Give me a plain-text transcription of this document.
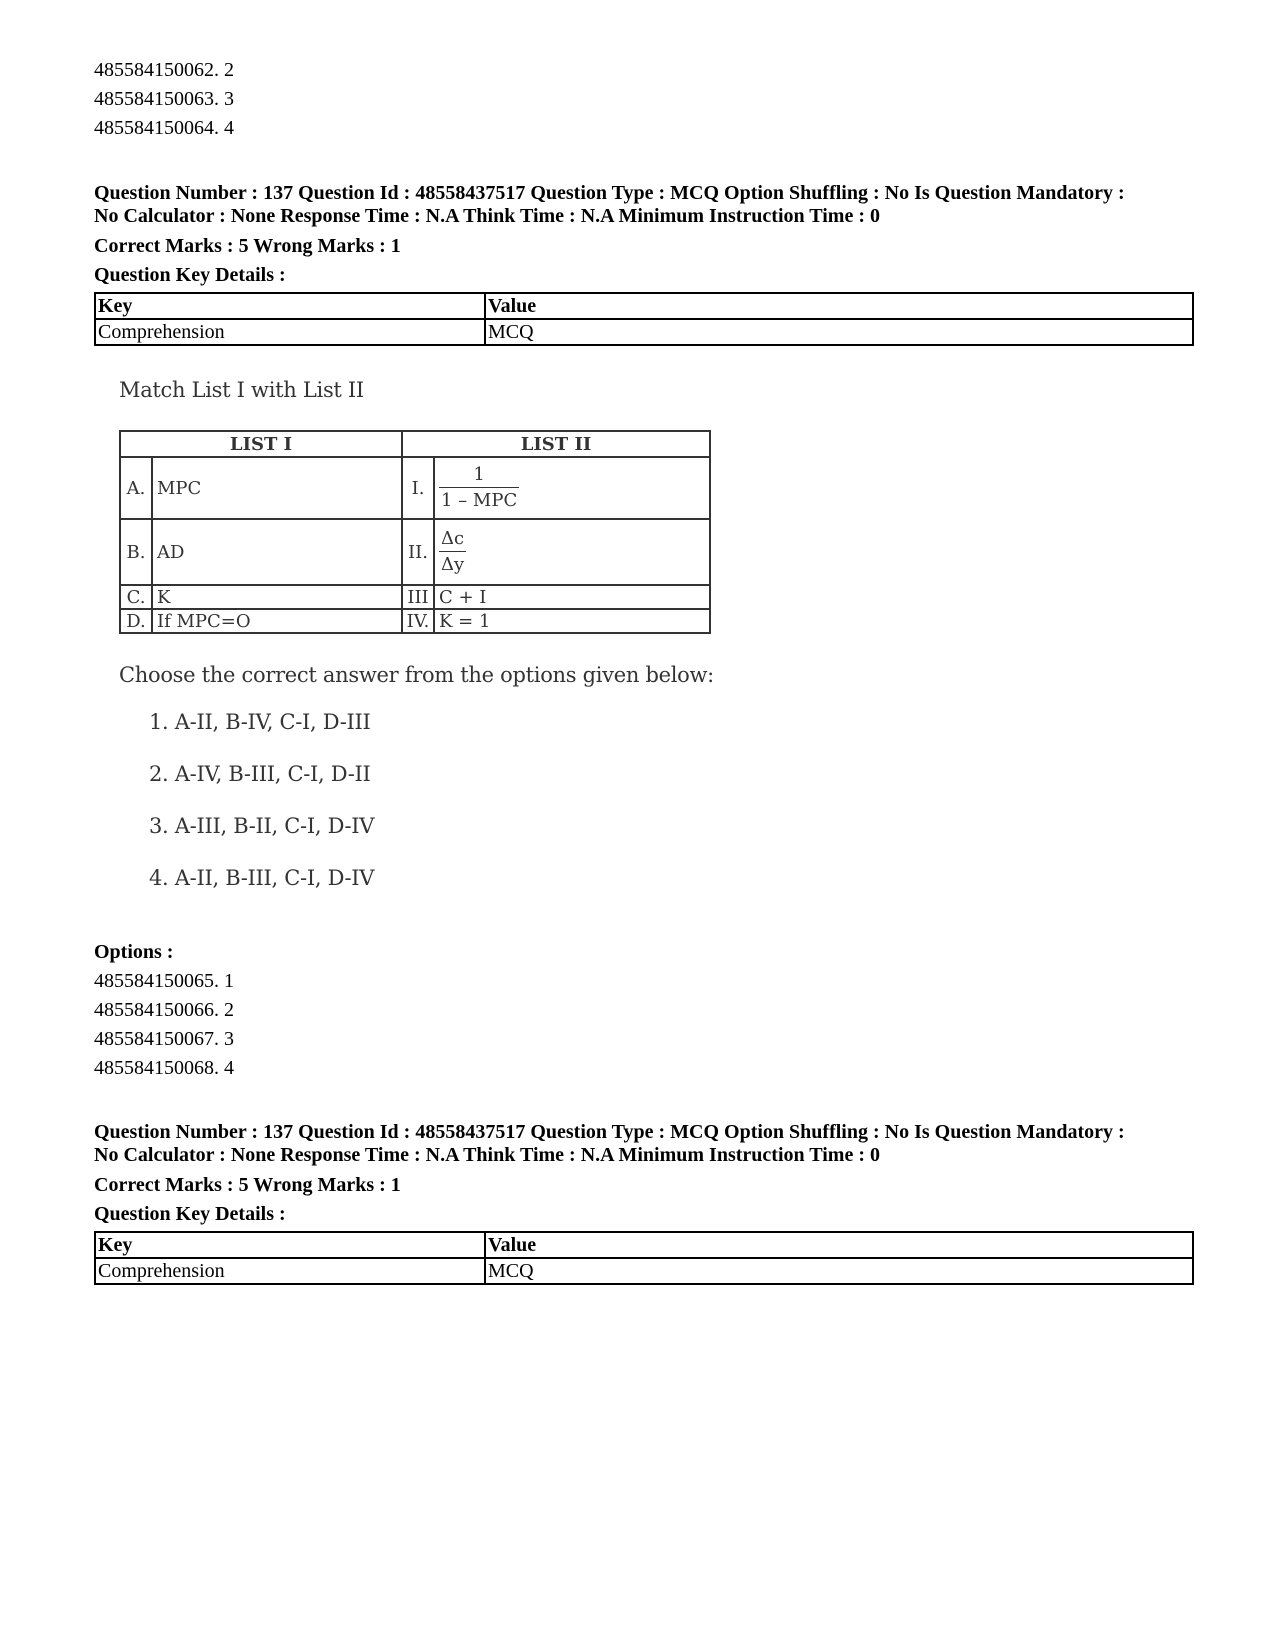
485584150062. 2
485584150063. 3
485584150064. 4
Question Number : 137 Question Id : 48558437517 Question Type : MCQ Option Shuffling : No Is Question Mandatory :
No Calculator : None Response Time : N.A Think Time : N.A Minimum Instruction Time : 0
Correct Marks : 5 Wrong Marks : 1
Question Key Details :
Key	Value
Comprehension	MCQ
Match List I with List II
LIST I		LIST II	
A.	MPC	I.	$\frac{1}{\text{1 – MPC}}$

B.	AD	II.	$\frac{\Delta c}{\Delta y}$

C.	K	III	C + I
D.	If MPC=O	IV.	K = 1
Choose the correct answer from the options given below:
1. A-II, B-IV, C-I, D-III
2. A-IV, B-III, C-I, D-II
3. A-III, B-II, C-I, D-IV
4. A-II, B-III, C-I, D-IV
Options :
485584150065. 1
485584150066. 2
485584150067. 3
485584150068. 4
Question Number : 137 Question Id : 48558437517 Question Type : MCQ Option Shuffling : No Is Question Mandatory :
No Calculator : None Response Time : N.A Think Time : N.A Minimum Instruction Time : 0
Correct Marks : 5 Wrong Marks : 1
Question Key Details :
Key	Value
Comprehension	MCQ
